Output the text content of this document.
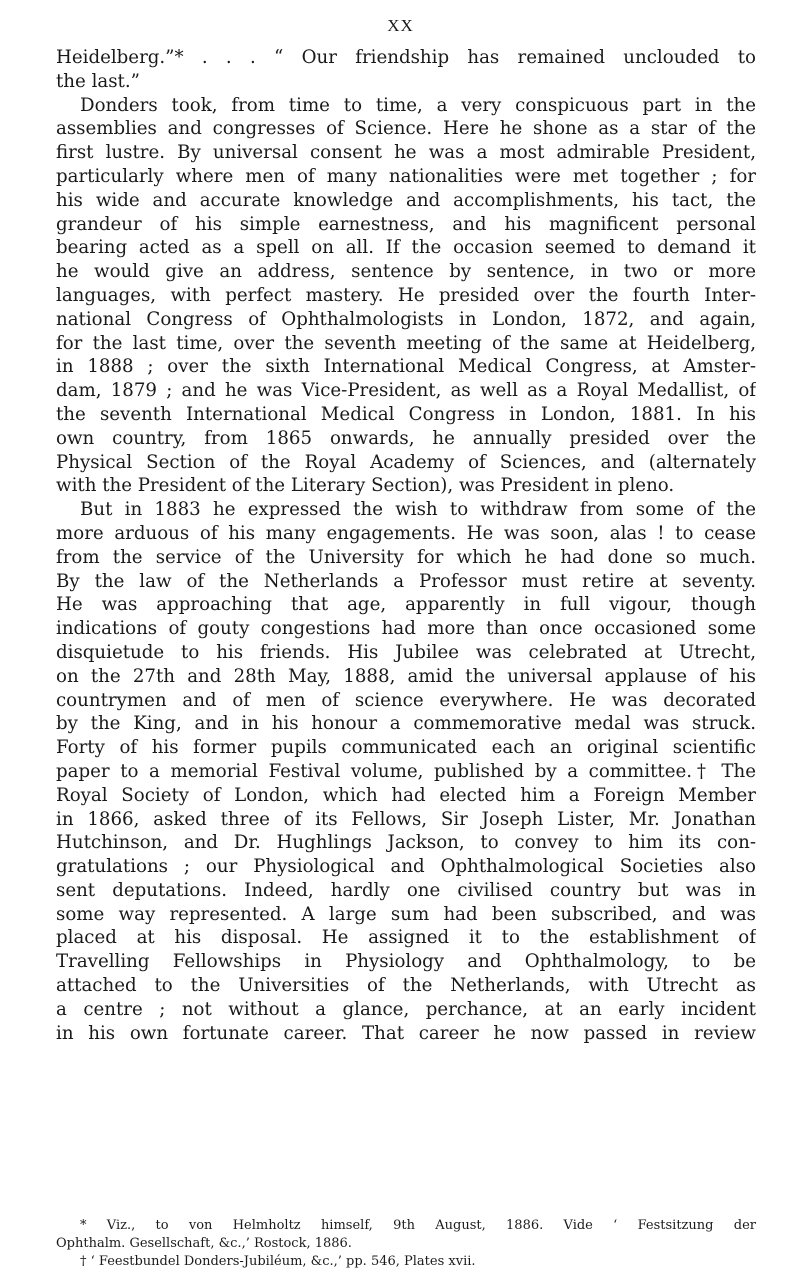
XX
Heidelberg.”* . . . “ Our friendship has remained unclouded to
the last.”
Donders took, from time to time, a very conspicuous part in the
assemblies and congresses of Science. Here he shone as a star of the
first lustre. By universal consent he was a most admirable President,
particularly where men of many nationalities were met together ; for
his wide and accurate knowledge and accomplishments, his tact, the
grandeur of his simple earnestness, and his magnificent personal
bearing acted as a spell on all. If the occasion seemed to demand it
he would give an address, sentence by sentence, in two or more
languages, with perfect mastery. He presided over the fourth Inter-
national Congress of Ophthalmologists in London, 1872, and again,
for the last time, over the seventh meeting of the same at Heidelberg,
in 1888 ; over the sixth International Medical Congress, at Amster-
dam, 1879 ; and he was Vice-President, as well as a Royal Medallist, of
the seventh International Medical Congress in London, 1881. In his
own country, from 1865 onwards, he annually presided over the
Physical Section of the Royal Academy of Sciences, and (alternately
with the President of the Literary Section), was President in pleno.
But in 1883 he expressed the wish to withdraw from some of the
more arduous of his many engagements. He was soon, alas ! to cease
from the service of the University for which he had done so much.
By the law of the Netherlands a Professor must retire at seventy.
He was approaching that age, apparently in full vigour, though
indications of gouty congestions had more than once occasioned some
disquietude to his friends. His Jubilee was celebrated at Utrecht,
on the 27th and 28th May, 1888, amid the universal applause of his
countrymen and of men of science everywhere. He was decorated
by the King, and in his honour a commemorative medal was struck.
Forty of his former pupils communicated each an original scientific
paper to a memorial Festival volume, published by a committee.† The
Royal Society of London, which had elected him a Foreign Member
in 1866, asked three of its Fellows, Sir Joseph Lister, Mr. Jonathan
Hutchinson, and Dr. Hughlings Jackson, to convey to him its con-
gratulations ; our Physiological and Ophthalmological Societies also
sent deputations. Indeed, hardly one civilised country but was in
some way represented. A large sum had been subscribed, and was
placed at his disposal. He assigned it to the establishment of
Travelling Fellowships in Physiology and Ophthalmology, to be
attached to the Universities of the Netherlands, with Utrecht as
a centre ; not without a glance, perchance, at an early incident
in his own fortunate career. That career he now passed in review
* Viz., to von Helmholtz himself, 9th August, 1886. Vide ‘ Festsitzung der
Ophthalm. Gesellschaft, &c.,’ Rostock, 1886.
† ‘ Feestbundel Donders-Jubiléum, &c.,’ pp. 546, Plates xvii.
